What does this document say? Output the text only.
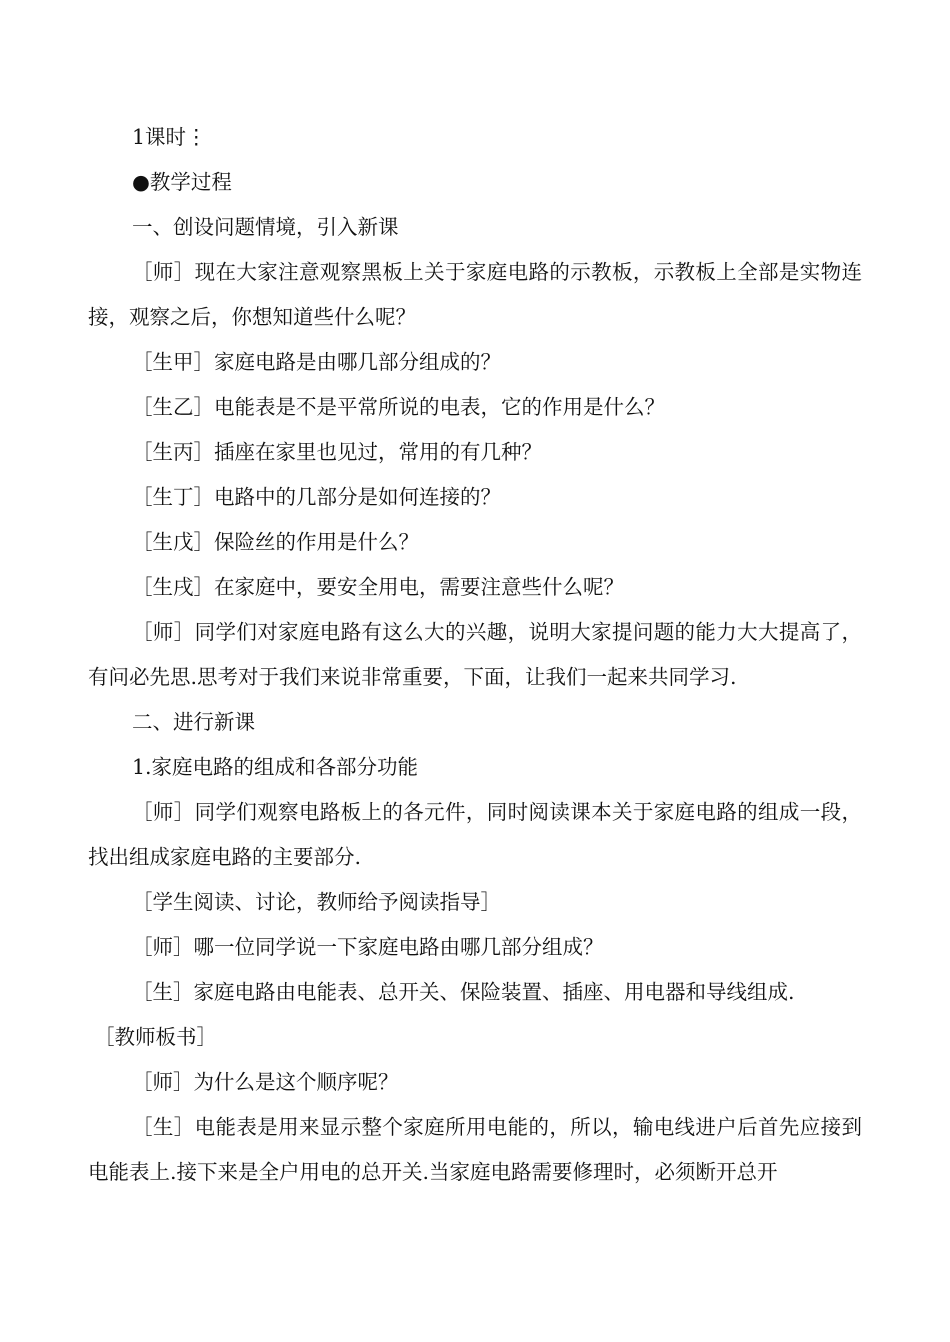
1课时⋮

●教学过程

一、创设问题情境，引入新课

［师］现在大家注意观察黑板上关于家庭电路的示教板，示教板上全部是实物连接，观察之后，你想知道些什么呢？

［生甲］家庭电路是由哪几部分组成的？

［生乙］电能表是不是平常所说的电表，它的作用是什么？

［生丙］插座在家里也见过，常用的有几种？

［生丁］电路中的几部分是如何连接的？

［生戊］保险丝的作用是什么？

［生戌］在家庭中，要安全用电，需要注意些什么呢？

［师］同学们对家庭电路有这么大的兴趣，说明大家提问题的能力大大提高了，有问必先思.思考对于我们来说非常重要，下面，让我们一起来共同学习.

二、进行新课

1.家庭电路的组成和各部分功能

［师］同学们观察电路板上的各元件，同时阅读课本关于家庭电路的组成一段，找出组成家庭电路的主要部分.

［学生阅读、讨论，教师给予阅读指导］

［师］哪一位同学说一下家庭电路由哪几部分组成？

［生］家庭电路由电能表、总开关、保险装置、插座、用电器和导线组成.

［教师板书］

［师］为什么是这个顺序呢？

［生］电能表是用来显示整个家庭所用电能的，所以，输电线进户后首先应接到电能表上.接下来是全户用电的总开关.当家庭电路需要修理时，必须断开总开
